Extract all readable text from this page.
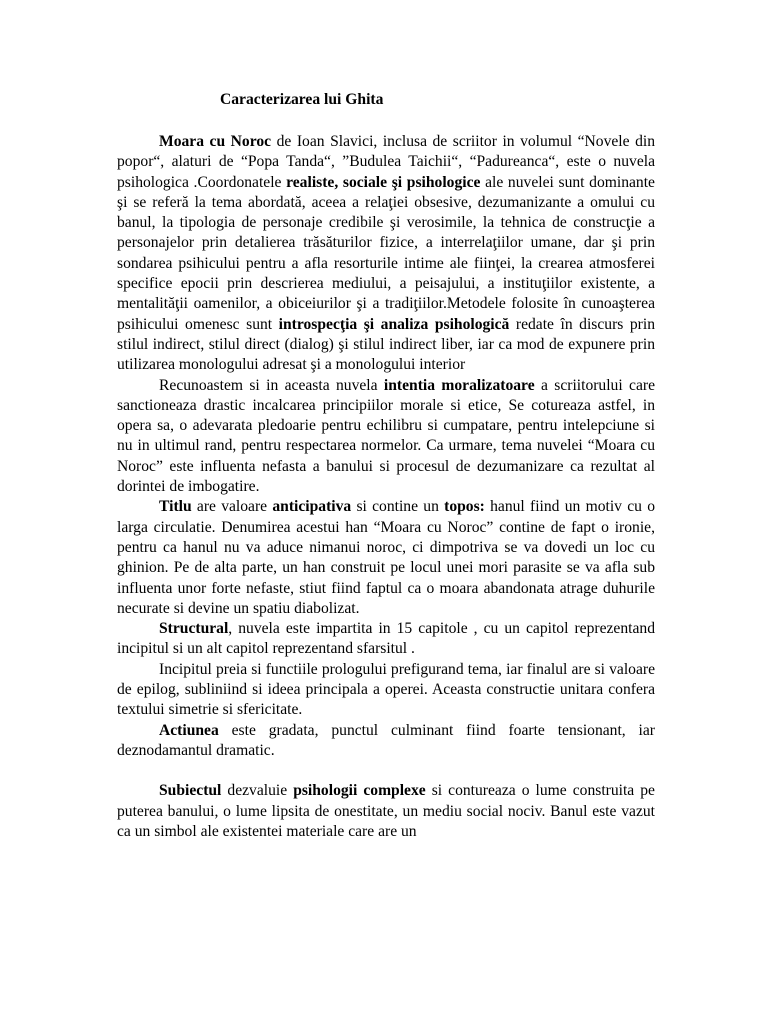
Caracterizarea lui Ghita

Moara cu Noroc de Ioan Slavici, inclusa de scriitor in volumul “Novele din popor“, alaturi de “Popa Tanda“, ”Budulea Taichii“, “Padureanca“, este o nuvela psihologica .Coordonatele realiste, sociale şi psihologice ale nuvelei sunt dominante şi se referă la tema abordată, aceea a relaţiei obsesive, dezumanizante a omului cu banul, la tipologia de personaje credibile şi verosimile, la tehnica de construcţie a personajelor prin detalierea trăsăturilor fizice, a interrelaţiilor umane, dar şi prin sondarea psihicului pentru a afla resorturile intime ale fiinţei, la crearea atmosferei specifice epocii prin descrierea mediului, a peisajului, a instituţiilor existente, a mentalităţii oamenilor, a obiceiurilor şi a tradiţiilor.Metodele folosite în cunoaşterea psihicului omenesc sunt introspecţia şi analiza psihologică redate în discurs prin stilul indirect, stilul direct (dialog) şi stilul indirect liber, iar ca mod de expunere prin utilizarea monologului adresat şi a monologului interior

Recunoastem si in aceasta nuvela intentia moralizatoare a scriitorului care sanctioneaza drastic incalcarea principiilor morale si etice, Se cotureaza astfel, in opera sa, o adevarata pledoarie pentru echilibru si cumpatare, pentru intelepciune si nu in ultimul rand, pentru respectarea normelor. Ca urmare, tema nuvelei “Moara cu Noroc” este influenta nefasta a banului si procesul de dezumanizare ca rezultat al dorintei de imbogatire.

Titlu are valoare anticipativa si contine un topos: hanul fiind un motiv cu o larga circulatie. Denumirea acestui han “Moara cu Noroc” contine de fapt o ironie, pentru ca hanul nu va aduce nimanui noroc, ci dimpotriva se va dovedi un loc cu ghinion. Pe de alta parte, un han construit pe locul unei mori parasite se va afla sub influenta unor forte nefaste, stiut fiind faptul ca o moara abandonata atrage duhurile necurate si devine un spatiu diabolizat.

Structural, nuvela este impartita in 15 capitole , cu un capitol reprezentand incipitul si un alt capitol reprezentand sfarsitul .

Incipitul preia si functiile prologului prefigurand tema, iar finalul are si valoare de epilog, subliniind si ideea principala a operei. Aceasta constructie unitara confera textului simetrie si sfericitate.

Actiunea este gradata, punctul culminant fiind foarte tensionant, iar deznodamantul dramatic.

Subiectul dezvaluie psihologii complexe si contureaza o lume construita pe puterea banului, o lume lipsita de onestitate, un mediu social nociv. Banul este vazut ca un simbol ale existentei materiale care are un
